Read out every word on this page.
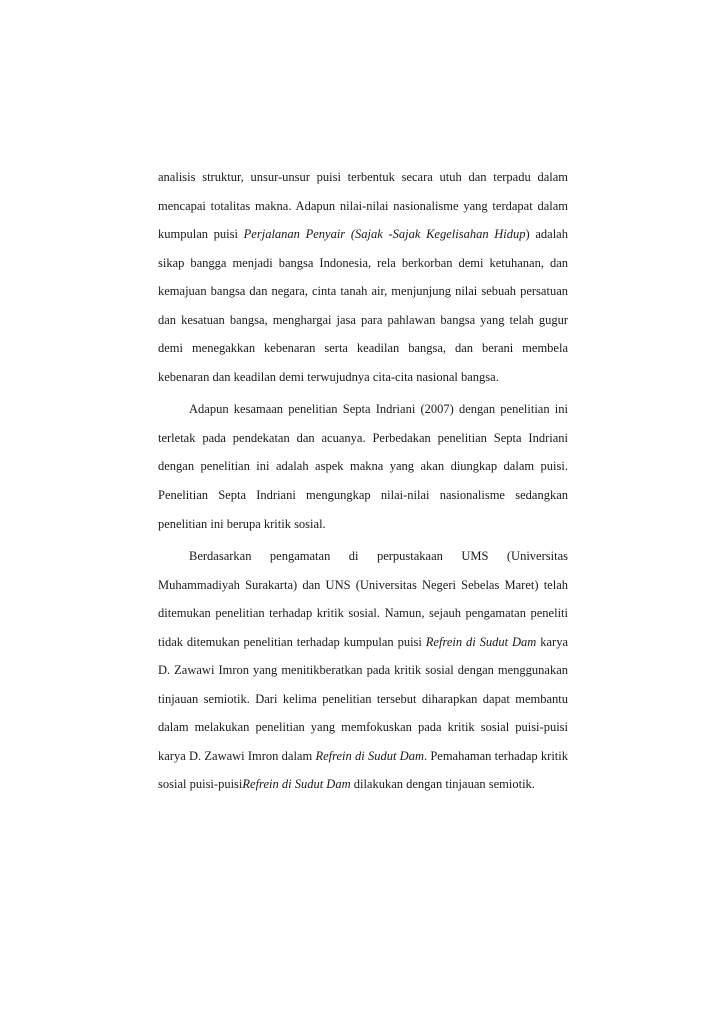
analisis struktur, unsur-unsur puisi terbentuk secara utuh dan terpadu dalam
mencapai totalitas makna. Adapun nilai-nilai nasionalisme yang terdapat dalam
kumpulan puisi Perjalanan Penyair (Sajak -Sajak Kegelisahan Hidup) adalah
sikap bangga menjadi bangsa Indonesia, rela berkorban demi ketuhanan, dan
kemajuan bangsa dan negara, cinta tanah air, menjunjung nilai sebuah persatuan
dan kesatuan bangsa, menghargai jasa para pahlawan bangsa yang telah gugur
demi menegakkan kebenaran serta keadilan bangsa, dan berani membela
kebenaran dan keadilan demi terwujudnya cita-cita nasional bangsa.
Adapun kesamaan penelitian Septa Indriani (2007) dengan penelitian ini
terletak pada pendekatan dan acuanya. Perbedakan penelitian Septa Indriani
dengan penelitian ini adalah aspek makna yang akan diungkap dalam puisi.
Penelitian Septa Indriani mengungkap nilai-nilai nasionalisme sedangkan
penelitian ini berupa kritik sosial.
Berdasarkan pengamatan di perpustakaan UMS (Universitas
Muhammadiyah Surakarta) dan UNS (Universitas Negeri Sebelas Maret) telah
ditemukan penelitian terhadap kritik sosial. Namun, sejauh pengamatan peneliti
tidak ditemukan penelitian terhadap kumpulan puisi Refrein di Sudut Dam karya
D. Zawawi Imron yang menitikberatkan pada kritik sosial dengan menggunakan
tinjauan semiotik. Dari kelima penelitian tersebut diharapkan dapat membantu
dalam melakukan penelitian yang memfokuskan pada kritik sosial puisi-puisi
karya D. Zawawi Imron dalam Refrein di Sudut Dam. Pemahaman terhadap kritik
sosial puisi-puisiRefrein di Sudut Dam dilakukan dengan tinjauan semiotik.
